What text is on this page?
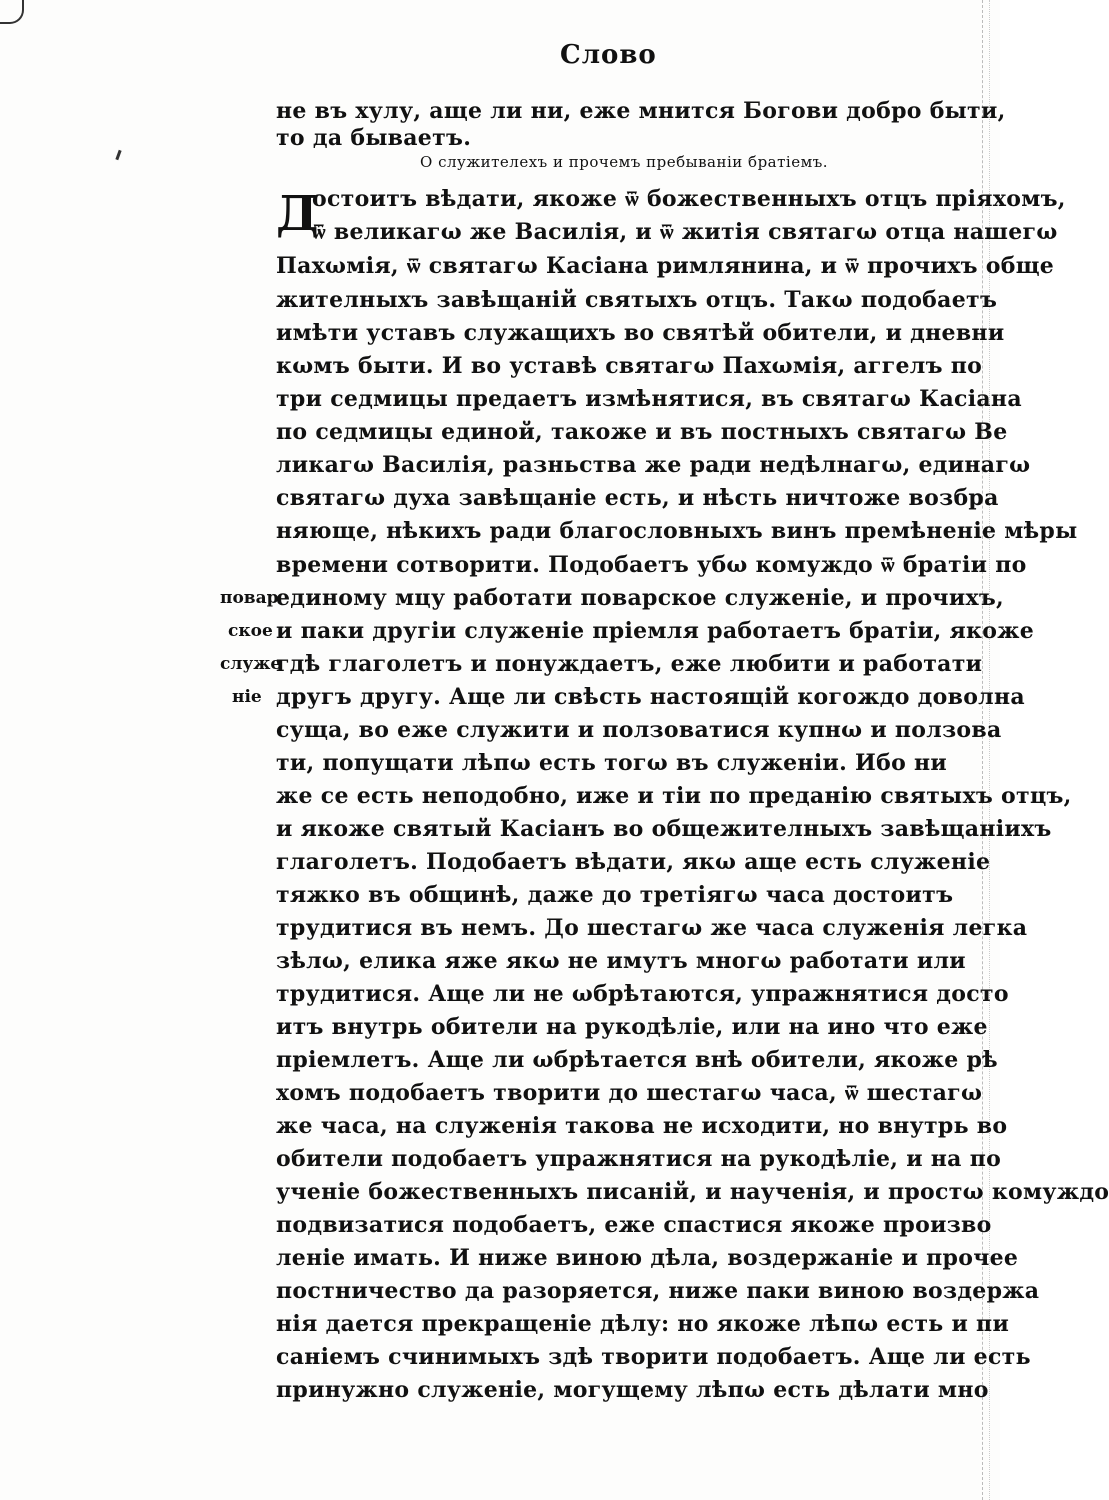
Слово
не въ хулу, аще ли ни, еже мнится Богови добро быти,
то да бываетъ.
О служителехъ и прочемъ пребыванiи братiемъ.
Д
ocтоитъ вѣдати, якоже ѿ божественныхъ отцъ прiяхомъ,
ѿ великагω же Василiя, и ѿ житiя святагω отца нашегω
Пахωмiя, ѿ святагω Касiана римлянина, и ѿ прочихъ общe
жителныхъ завѣщанiй святыхъ отцъ. Такω подобаетъ
имѣти уставъ служащихъ во святѣй обители, и дневни
кωмъ быти. И во уставѣ святагω Пахωмiя, аггелъ по
три седмицы предаетъ измѣнятися, въ святагω Касiана
по седмицы единой, такоже и въ постныхъ святагω Ве
ликагω Василiя, разньства же ради недѣлнагω, единагω
святагω духа завѣщанiе есть, и нѣсть ничтоже возбра
няюще, нѣкихъ ради благословныхъ винъ премѣненiе мѣры
времени сотворити. Подобаетъ убω комуждо ѿ братiи по
единому мцу работати поварское служенiе, и прочихъ,
и паки другiи служенiе прiемля работаетъ братiи, якоже
гдѣ глаголетъ и понуждаетъ, еже любити и работати
другъ другу. Аще ли свѣсть настоящiй когождо доволна
суща, во еже служити и ползоватися купнω и ползова
ти, попущати лѣпω есть тогω въ служенiи. Ибо ни
же се есть неподобно, иже и тiи по преданiю святыхъ отцъ,
и якоже святый Касiанъ во общежителныхъ завѣщанiихъ
глаголетъ. Подобаетъ вѣдати, якω аще есть служенiе
тяжко въ общинѣ, даже до третiягω часа достоитъ
трудитися въ немъ. До шестагω же часа служенiя легка
зѣлω, елика яже якω не имутъ многω работати или
трудитися. Аще ли не ωбрѣтаются, упражнятися досто
итъ внутрь обители на рукодѣлiе, или на ино что еже
прiемлетъ. Аще ли ωбрѣтается внѣ обители, якоже рѣ
хомъ подобаетъ творити до шестагω часа, ѿ шестагω
же часа, на служенiя такова не исходити, но внутрь во
обители подобаетъ упражнятися на рукодѣлiе, и на по
ученiе божественныхъ писанiй, и наученiя, и простω комуждо
подвизатися подобаетъ, еже спастися якоже произво
ленiе имать. И ниже виною дѣла, воздержанiе и прочее
постничество да разоряется, ниже паки виною воздержа
нiя дается прекращенiе дѣлу: но якоже лѣпω есть и пи
санiемъ счинимыхъ здѣ творити подобаетъ. Аще ли есть
принужно служенiе, могущему лѣпω есть дѣлати мно
повар
ское
служе
нiе
